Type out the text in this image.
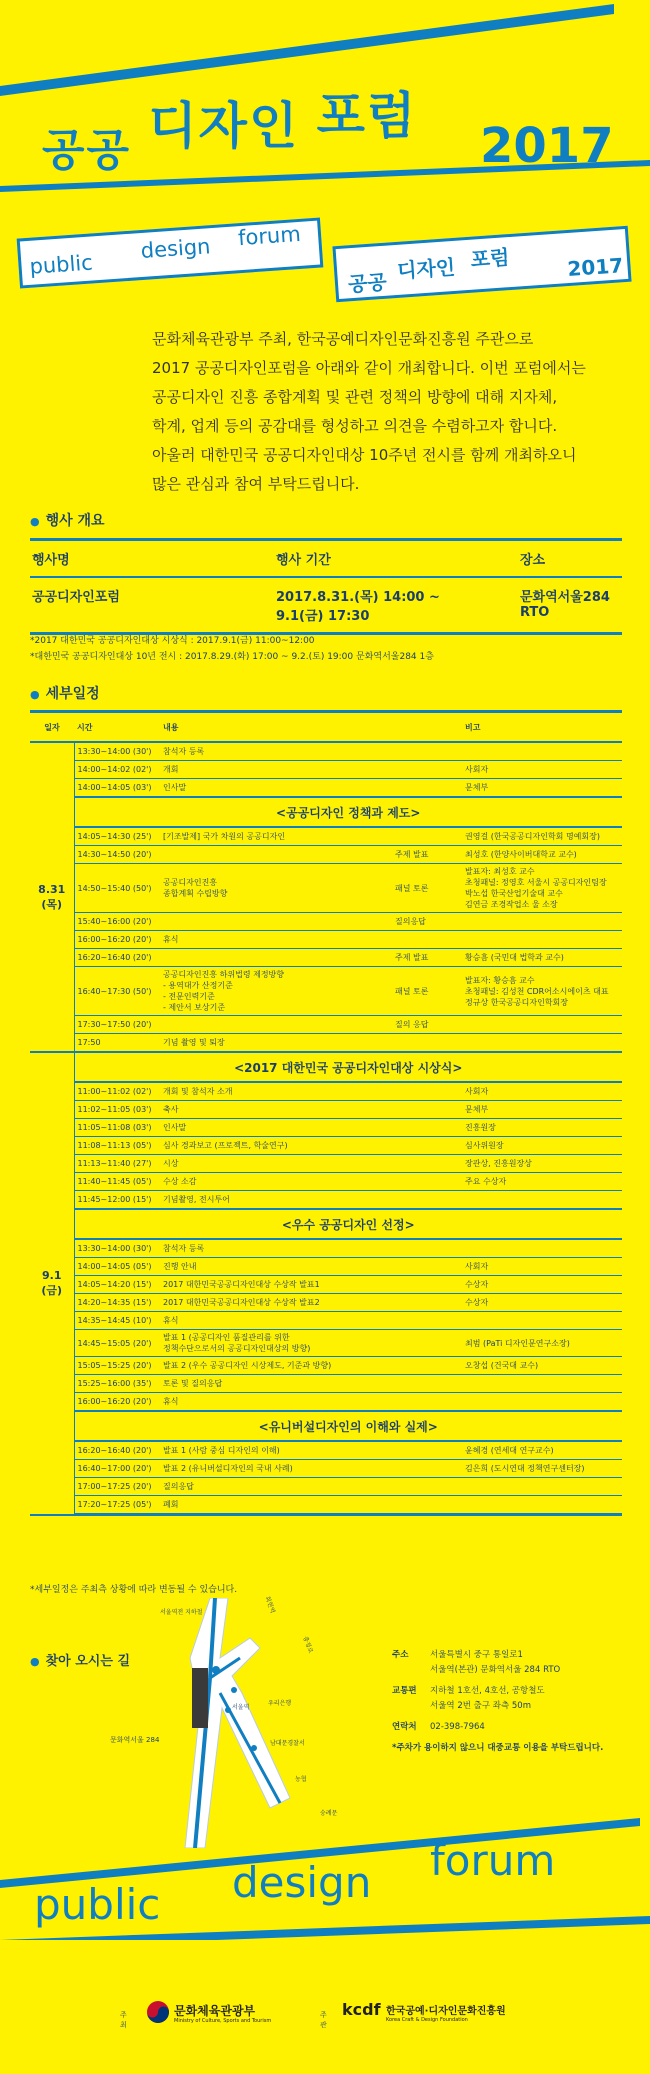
공공 디자인 포럼
2017
public
design forum
공공
디자인 포럼	2017
문화체육관광부 주최, 한국공예디자인문화진흥원 주관으로
2017 공공디자인포럼을 아래와 같이 개최합니다. 이번 포럼에서는
공공디자인 진흥 종합계획 및 관련 정책의 방향에 대해 지자체,
학계, 업계 등의 공감대를 형성하고 의견을 수렴하고자 합니다.
아울러 대한민국 공공디자인대상 10주년 전시를 함께 개최하오니
많은 관심과 참여 부탁드립니다.
● 행사 개요
행사명	행사 기간	장소
공공디자인포럼	2017.8.31.(목) 14:00 ~
9.1(금) 17:30	문화역서울284
RTO
*2017 대한민국 공공디자인대상 시상식 : 2017.9.1(금) 11:00~12:00
*대한민국 공공디자인대상 10년 전시 : 2017.8.29.(화) 17:00 ~ 9.2.(토) 19:00 문화역서울284 1층
● 세부일정
일자	시간	내용		비고
8.31
(목)	13:30~14:00 (30')	참석자 등록		
	14:00~14:02 (02')	개회		사회자
	14:00~14:05 (03')	인사말		문체부
	<공공디자인 정책과 제도>			
	14:05~14:30 (25')	[기조발제] 국가 차원의 공공디자인		권영걸 (한국공공디자인학회 명예회장)
	14:30~14:50 (20')		주제 발표	최성호 (한양사이버대학교 교수)
	14:50~15:40 (50')	공공디자인진흥
종합계획 수립방향	패널 토론	발표자: 최성호 교수
초청패널: 정영호 서울시 공공디자인팀장
박노섭 한국산업기술대 교수
김연금 조경작업소 울 소장
	15:40~16:00 (20')		질의응답	
	16:00~16:20 (20')	휴식		
	16:20~16:40 (20')		주제 발표	황승흠 (국민대 법학과 교수)
	16:40~17:30 (50')	공공디자인진흥 하위법령 제정방향
- 용역대가 산정기준
- 전문인력기준
- 제안서 보상기준	패널 토론	발표자: 황승흠 교수
초청패널: 김성천 CDR어소시에이츠 대표
정규상 한국공공디자인학회장
	17:30~17:50 (20')		질의 응답	
	17:50	기념 촬영 및 퇴장		
9.1
(금)	<2017 대한민국 공공디자인대상 시상식>			
	11:00~11:02 (02')	개회 및 참석자 소개		사회자
	11:02~11:05 (03')	축사		문체부
	11:05~11:08 (03')	인사말		진흥원장
	11:08~11:13 (05')	심사 경과보고 (프로젝트, 학술연구)		심사위원장
	11:13~11:40 (27')	시상		장관상, 진흥원장상
	11:40~11:45 (05')	수상 소감		주요 수상자
	11:45~12:00 (15')	기념촬영, 전시투어		
	<우수 공공디자인 선정>			
	13:30~14:00 (30')	참석자 등록		
	14:00~14:05 (05')	진행 안내		사회자
	14:05~14:20 (15')	2017 대한민국공공디자인대상 수상작 발표1		수상자
	14:20~14:35 (15')	2017 대한민국공공디자인대상 수상작 발표2		수상자
	14:35~14:45 (10')	휴식		
	14:45~15:05 (20')	발표 1 (공공디자인 품질관리를 위한
정책수단으로서의 공공디자인대상의 방향)		최범 (PaTi 디자인문연구소장)
	15:05~15:25 (20')	발표 2 (우수 공공디자인 시상제도, 기준과 방향)		오창섭 (건국대 교수)
	15:25~16:00 (35')	토론 및 질의응답		
	16:00~16:20 (20')	휴식		
	<유니버설디자인의 이해와 실제>			
	16:20~16:40 (20')	발표 1 (사람 중심 디자인의 이해)		윤혜경 (연세대 연구교수)
	16:40~17:00 (20')	발표 2 (유니버설디자인의 국내 사례)		김은희 (도시연대 정책연구센터장)
	17:00~17:25 (20')	질의응답		
	17:20~17:25 (05')	폐회		
*세부일정은 주최측 상황에 따라 변동될 수 있습니다.
● 찾아 오시는 길
문화역서울 284
서울역전 지하철
서울역
우리은행
남대문경찰서
농협
숭례문
충정로
회현역
주소	서울특별시 중구 통일로1
서울역(본관) 문화역서울 284 RTO
교통편 지하철 1호선, 4호선, 공항철도
서울역 2번 출구 좌측 50m
연락처 02-398-7964
*주차가 용이하지 않으니 대중교통 이용을 부탁드립니다.
public design forum
주최
문화체육관광부
Ministry of Culture, Sports and Tourism
주관
kcdf 한국공예·디자인문화진흥원
Korea Craft & Design Foundation
